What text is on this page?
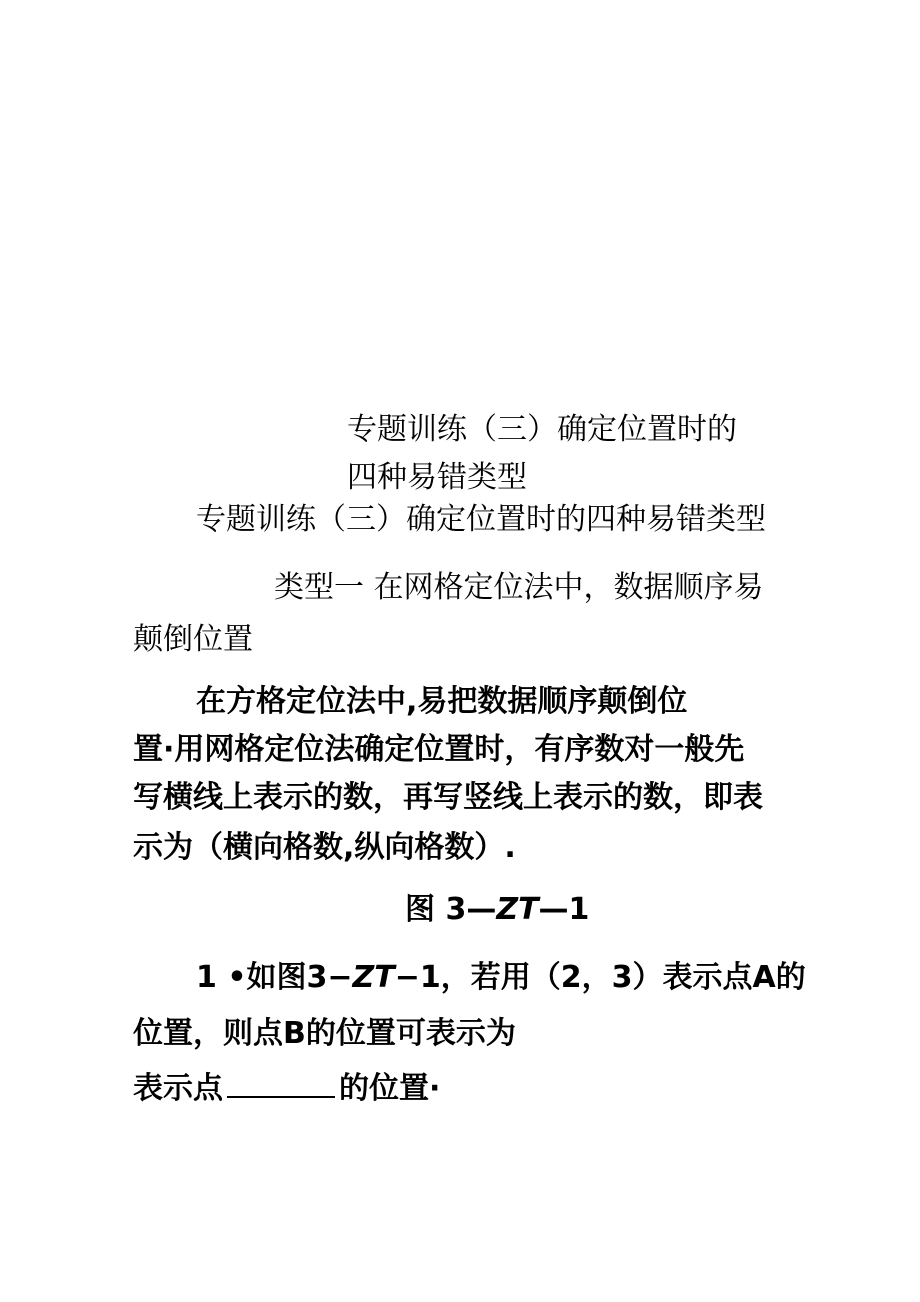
专题训练（三）确定位置时的
四种易错类型
专题训练（三）确定位置时的四种易错类型
类型一 在网格定位法中，数据顺序易
颠倒位置
在方格定位法中,易把数据顺序颠倒位
置·用网格定位法确定位置时，有序数对一般先
写横线上表示的数，再写竖线上表示的数，即表
示为（横向格数,纵向格数）.
图 3—ZT—1
1 •如图3−ZT−1，若用（2，3）表示点A的
位置，则点B的位置可表示为
表示点	的位置·
